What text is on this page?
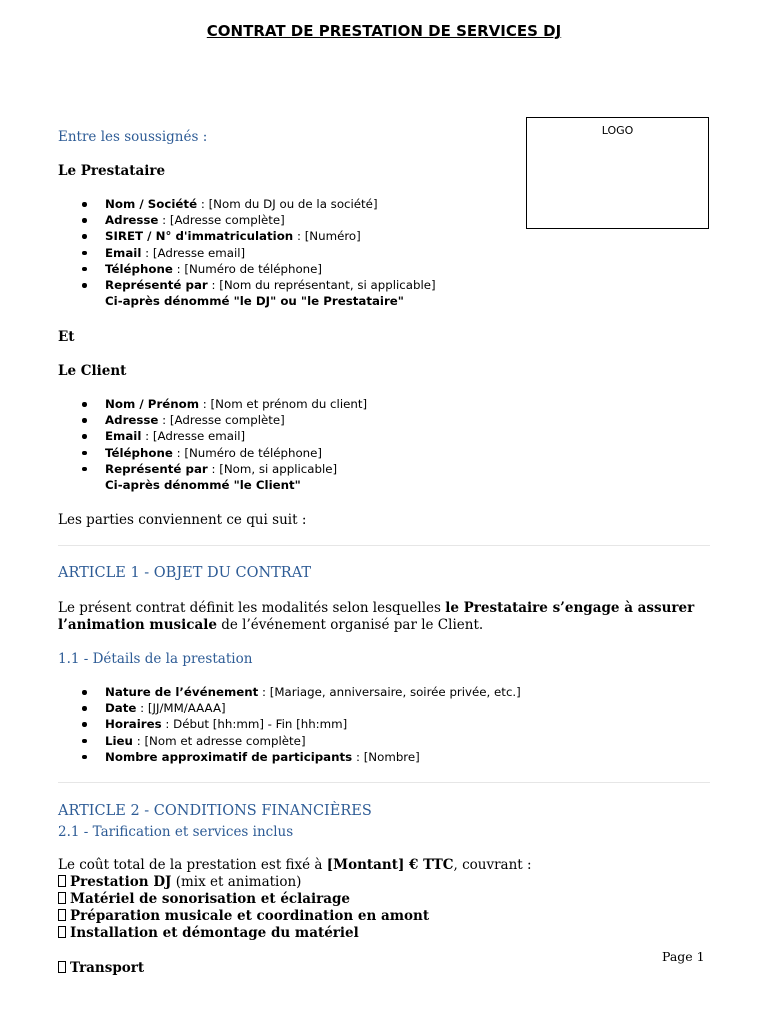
CONTRAT DE PRESTATION DE SERVICES DJ
LOGO

Entre les soussignés :

Le Prestataire

Nom / Société : [Nom du DJ ou de la société]
Adresse : [Adresse complète]
SIRET / N° d'immatriculation : [Numéro]
Email : [Adresse email]
Téléphone : [Numéro de téléphone]
Représenté par : [Nom du représentant, si applicable]
Ci-après dénommé "le DJ" ou "le Prestataire"

Et

Le Client

Nom / Prénom : [Nom et prénom du client]
Adresse : [Adresse complète]
Email : [Adresse email]
Téléphone : [Numéro de téléphone]
Représenté par : [Nom, si applicable]
Ci-après dénommé "le Client"

Les parties conviennent ce qui suit :

ARTICLE 1 - OBJET DU CONTRAT

Le présent contrat définit les modalités selon lesquelles le Prestataire s’engage à assurer l’animation musicale de l’événement organisé par le Client.

1.1 - Détails de la prestation

Nature de l’événement : [Mariage, anniversaire, soirée privée, etc.]
Date : [JJ/MM/AAAA]
Horaires : Début [hh:mm] - Fin [hh:mm]
Lieu : [Nom et adresse complète]
Nombre approximatif de participants : [Nombre]

ARTICLE 2 - CONDITIONS FINANCIÈRES

2.1 - Tarification et services inclus

Le coût total de la prestation est fixé à [Montant] € TTC, couvrant :

Prestation DJ (mix et animation)
Matériel de sonorisation et éclairage
Préparation musicale et coordination en amont
Installation et démontage du matériel

Transport

Page 1
